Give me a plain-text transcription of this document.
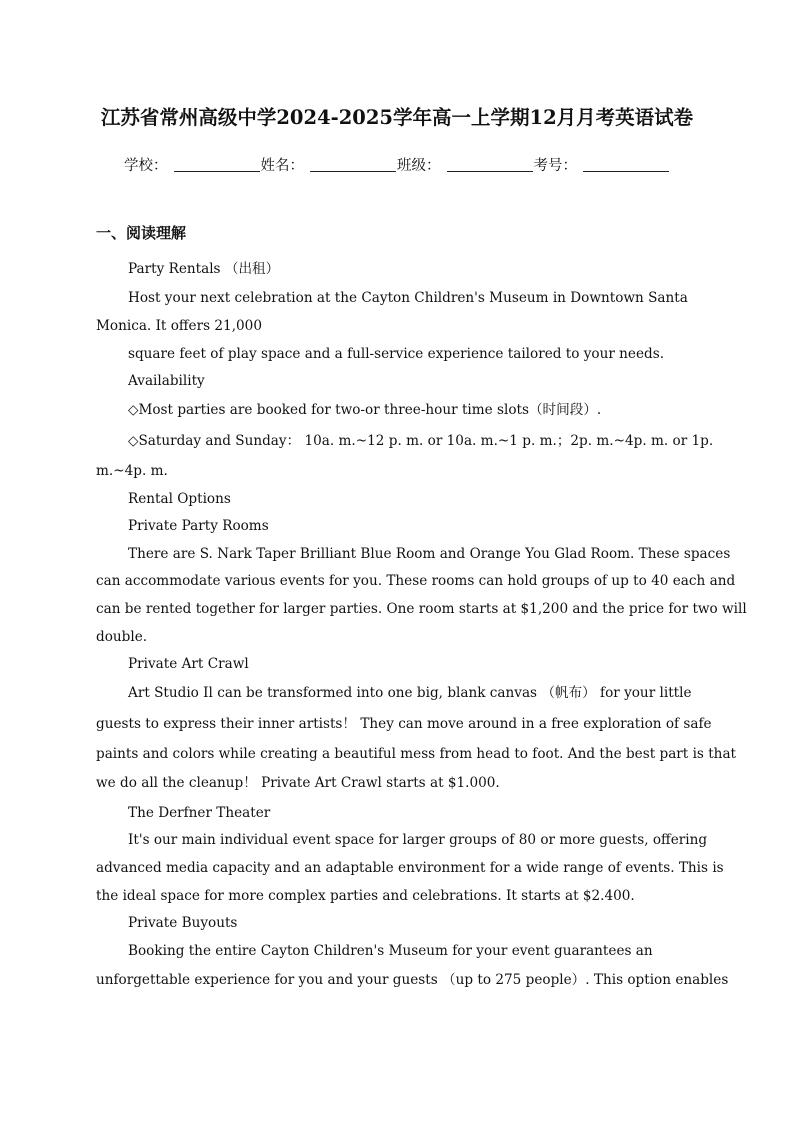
江苏省常州高级中学2024-2025学年高一上学期12月月考英语试卷
学校：	姓名：	班级：	考号：
一、阅读理解
Party Rentals （出租）
Host your next celebration at the Cayton Children's Museum in Downtown Santa
Monica. It offers 21,000
square feet of play space and a full-service experience tailored to your needs.
Availability
◇Most parties are booked for two-or three-hour time slots（时间段）.
◇Saturday and Sunday： 10a. m.~12 p. m. or 10a. m.~1 p. m.；2p. m.~4p. m. or 1p.
m.~4p. m.
Rental Options
Private Party Rooms
There are S. Nark Taper Brilliant Blue Room and Orange You Glad Room. These spaces
can accommodate various events for you. These rooms can hold groups of up to 40 each and
can be rented together for larger parties. One room starts at $1,200 and the price for two will
double.
Private Art Crawl
Art Studio Il can be transformed into one big, blank canvas （帆布） for your little
guests to express their inner artists！ They can move around in a free exploration of safe
paints and colors while creating a beautiful mess from head to foot. And the best part is that
we do all the cleanup！ Private Art Crawl starts at $1.000.
The Derfner Theater
It's our main individual event space for larger groups of 80 or more guests, offering
advanced media capacity and an adaptable environment for a wide range of events. This is
the ideal space for more complex parties and celebrations. It starts at $2.400.
Private Buyouts
Booking the entire Cayton Children's Museum for your event guarantees an
unforgettable experience for you and your guests （up to 275 people）. This option enables
